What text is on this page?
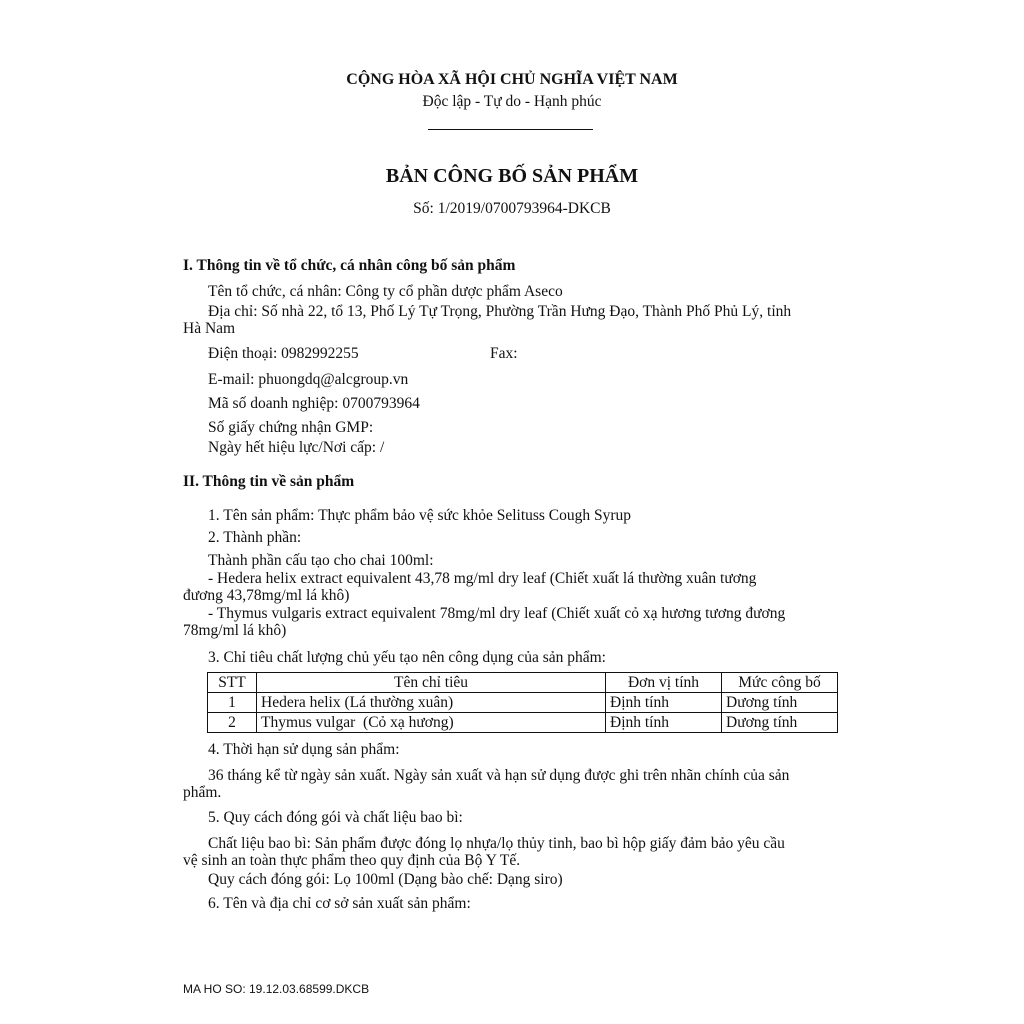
CỘNG HÒA XÃ HỘI CHỦ NGHĨA VIỆT NAM
Độc lập - Tự do - Hạnh phúc
BẢN CÔNG BỐ SẢN PHẨM
Số: 1/2019/0700793964-DKCB
I. Thông tin về tổ chức, cá nhân công bố sản phẩm
Tên tổ chức, cá nhân: Công ty cổ phần dược phẩm Aseco
Địa chỉ: Số nhà 22, tổ 13, Phố Lý Tự Trọng, Phường Trần Hưng Đạo, Thành Phố Phủ Lý, tỉnh
Hà Nam
Điện thoại: 0982992255	Fax:
E-mail: phuongdq@alcgroup.vn
Mã số doanh nghiệp: 0700793964
Số giấy chứng nhận GMP:
Ngày hết hiệu lực/Nơi cấp: /
II. Thông tin về sản phẩm
1. Tên sản phẩm: Thực phẩm bảo vệ sức khỏe Selituss Cough Syrup
2. Thành phần:
Thành phần cấu tạo cho chai 100ml:
- Hedera helix extract equivalent 43,78 mg/ml dry leaf (Chiết xuất lá thường xuân tương
đương 43,78mg/ml lá khô)
- Thymus vulgaris extract equivalent 78mg/ml dry leaf (Chiết xuất cỏ xạ hương tương đương
78mg/ml lá khô)
3. Chỉ tiêu chất lượng chủ yếu tạo nên công dụng của sản phẩm:
STT	Tên chỉ tiêu	Đơn vị tính	Mức công bố
1	Hedera helix (Lá thường xuân)	Định tính	Dương tính
2	Thymus vulgar  (Cỏ xạ hương)	Định tính	Dương tính
4. Thời hạn sử dụng sản phẩm:
36 tháng kể từ ngày sản xuất. Ngày sản xuất và hạn sử dụng được ghi trên nhãn chính của sản
phẩm.
5. Quy cách đóng gói và chất liệu bao bì:
Chất liệu bao bì: Sản phẩm được đóng lọ nhựa/lọ thủy tinh, bao bì hộp giấy đảm bảo yêu cầu
vệ sinh an toàn thực phẩm theo quy định của Bộ Y Tế.
Quy cách đóng gói: Lọ 100ml (Dạng bào chế: Dạng siro)
6. Tên và địa chỉ cơ sở sản xuất sản phẩm:
MA HO SO: 19.12.03.68599.DKCB
